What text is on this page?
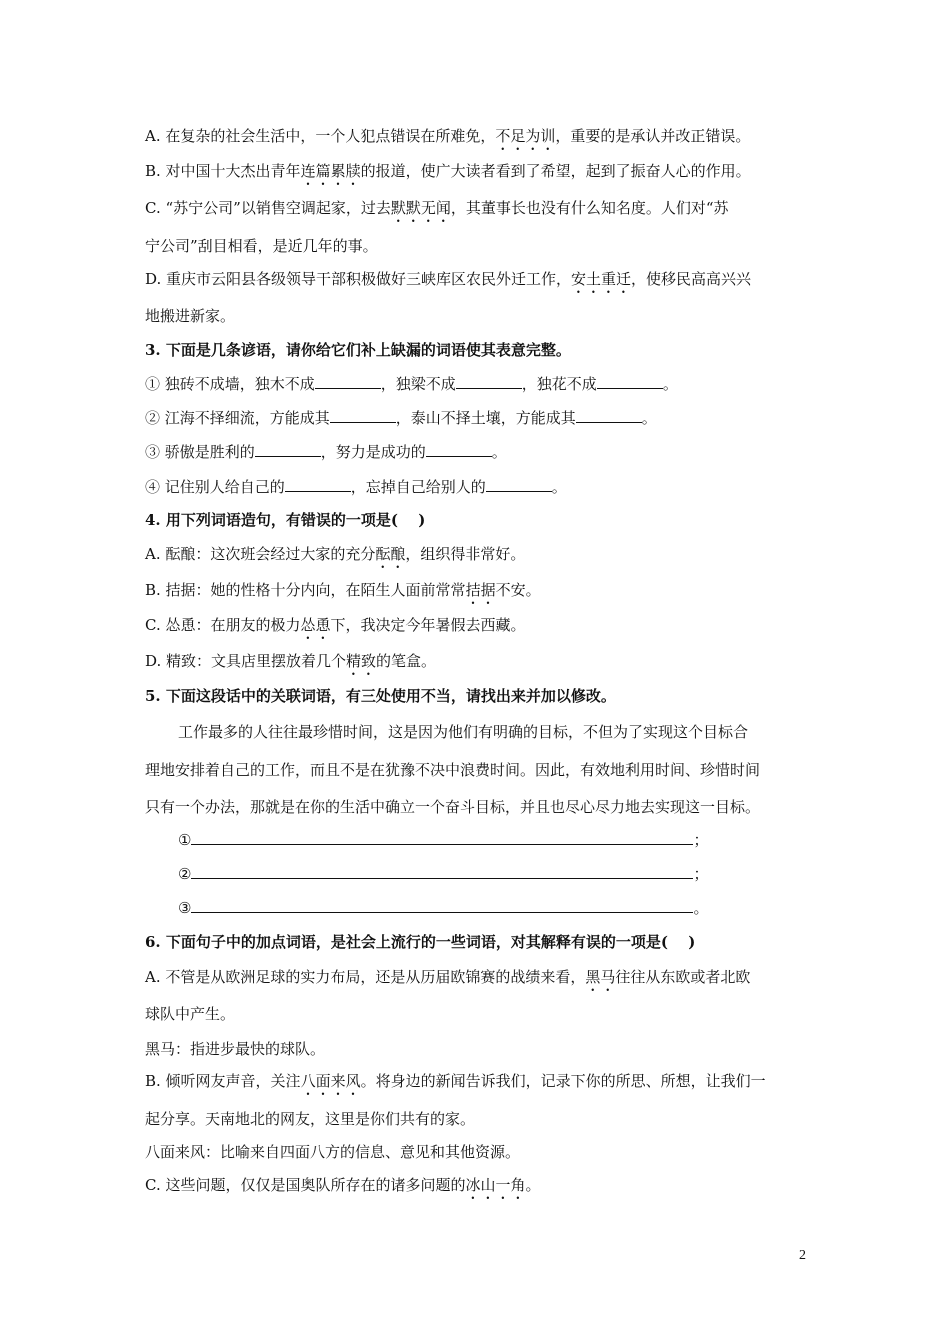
A. 在复杂的社会生活中，一个人犯点错误在所难免，不足为训，重要的是承认并改正错误。
B. 对中国十大杰出青年连篇累牍的报道，使广大读者看到了希望，起到了振奋人心的作用。
C. “苏宁公司”以销售空调起家，过去默默无闻，其董事长也没有什么知名度。人们对“苏
宁公司”刮目相看，是近几年的事。
D. 重庆市云阳县各级领导干部积极做好三峡库区农民外迁工作，安土重迁，使移民高高兴兴
地搬进新家。
3. 下面是几条谚语，请你给它们补上缺漏的词语使其表意完整。
① 独砖不成墙，独木不成	，独梁不成	，独花不成	。
② 江海不择细流，方能成其	，泰山不择土壤，方能成其	。
③ 骄傲是胜利的	，努力是成功的	。
④ 记住别人给自己的	，忘掉自己给别人的	。
4. 用下列词语造句，有错误的一项是(　 )
A. 酝酿：这次班会经过大家的充分酝酿，组织得非常好。
B. 拮据：她的性格十分内向，在陌生人面前常常拮据不安。
C. 怂恿：在朋友的极力怂恿下，我决定今年暑假去西藏。
D. 精致：文具店里摆放着几个精致的笔盒。
5. 下面这段话中的关联词语，有三处使用不当，请找出来并加以修改。
工作最多的人往往最珍惜时间，这是因为他们有明确的目标，不但为了实现这个目标合
理地安排着自己的工作，而且不是在犹豫不决中浪费时间。因此，有效地利用时间、珍惜时间
只有一个办法，那就是在你的生活中确立一个奋斗目标，并且也尽心尽力地去实现这一目标。
①	；
②	；
③	。
6. 下面句子中的加点词语，是社会上流行的一些词语，对其解释有误的一项是(　 )
A. 不管是从欧洲足球的实力布局，还是从历届欧锦赛的战绩来看，黑马往往从东欧或者北欧
球队中产生。
黑马：指进步最快的球队。
B. 倾听网友声音，关注八面来风。将身边的新闻告诉我们，记录下你的所思、所想，让我们一
起分享。天南地北的网友，这里是你们共有的家。
八面来风：比喻来自四面八方的信息、意见和其他资源。
C. 这些问题，仅仅是国奥队所存在的诸多问题的冰山一角。
2
